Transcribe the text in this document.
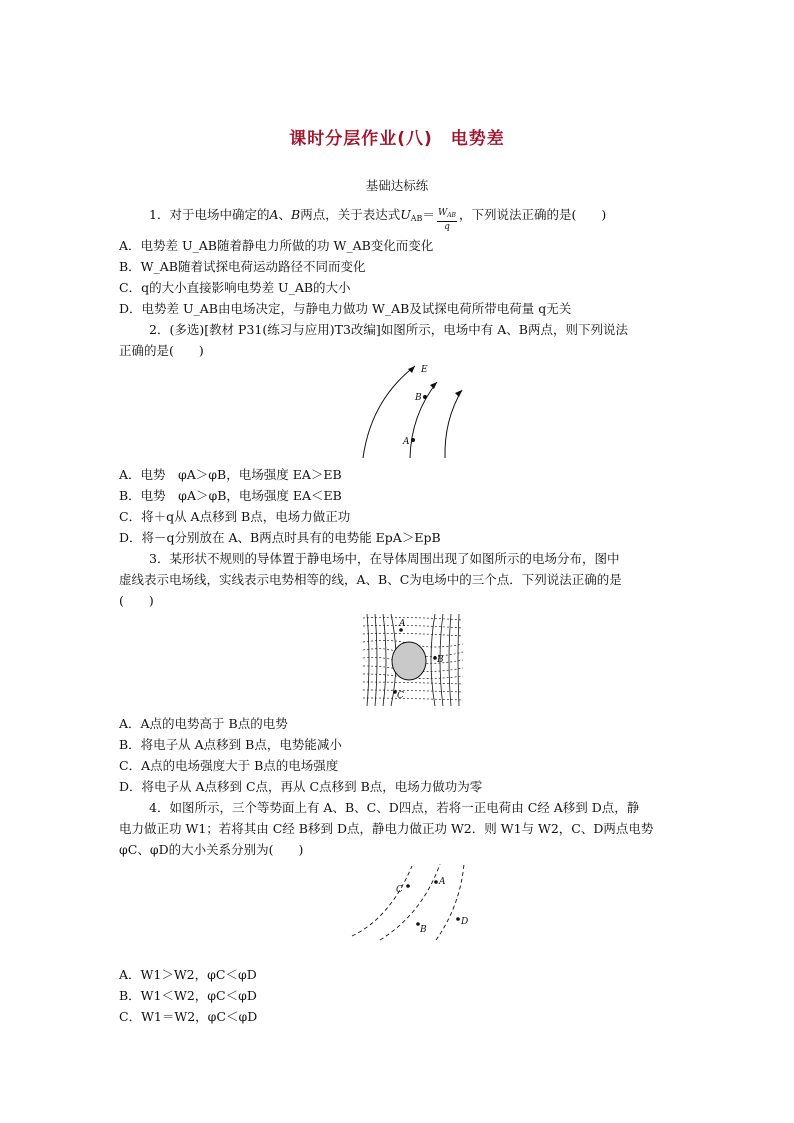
课时分层作业(八)　电势差
基础达标练
1．对于电场中确定的A、B两点，关于表达式$U_{AB}= \frac{W_{AB}}{q}$ ，下列说法正确的是(　　)
A．电势差 U_AB随着静电力所做的功 W_AB变化而变化
B．W_AB随着试探电荷运动路径不同而变化
C．q的大小直接影响电势差 U_AB的大小
D．电势差 U_AB由电场决定，与静电力做功 W_AB及试探电荷所带电荷量 q无关
2．(多选)[教材 P31(练习与应用)T3改编]如图所示，电场中有 A、B两点，则下列说法
正确的是(　　)
E
B
A
A．电势　φA＞φB，电场强度 EA＞EB
B．电势　φA＞φB，电场强度 EA＜EB
C．将＋q从 A点移到 B点，电场力做正功
D．将－q分别放在 A、B两点时具有的电势能 EpA＞EpB
3．某形状不规则的导体置于静电场中，在导体周围出现了如图所示的电场分布，图中
虚线表示电场线，实线表示电势相等的线，A、B、C为电场中的三个点．下列说法正确的是
(　　)
A
B
C
A．A点的电势高于 B点的电势
B．将电子从 A点移到 B点，电势能减小
C．A点的电场强度大于 B点的电场强度
D．将电子从 A点移到 C点，再从 C点移到 B点，电场力做功为零
4．如图所示，三个等势面上有 A、B、C、D四点，若将一正电荷由 C经 A移到 D点，静
电力做正功 W1；若将其由 C经 B移到 D点，静电力做正功 W2．则 W1与 W2，C、D两点电势
φC、φD的大小关系分别为(　　)
C
A
B
D
A．W1＞W2，φC＜φD
B．W1＜W2，φC＜φD
C．W1＝W2，φC＜φD
